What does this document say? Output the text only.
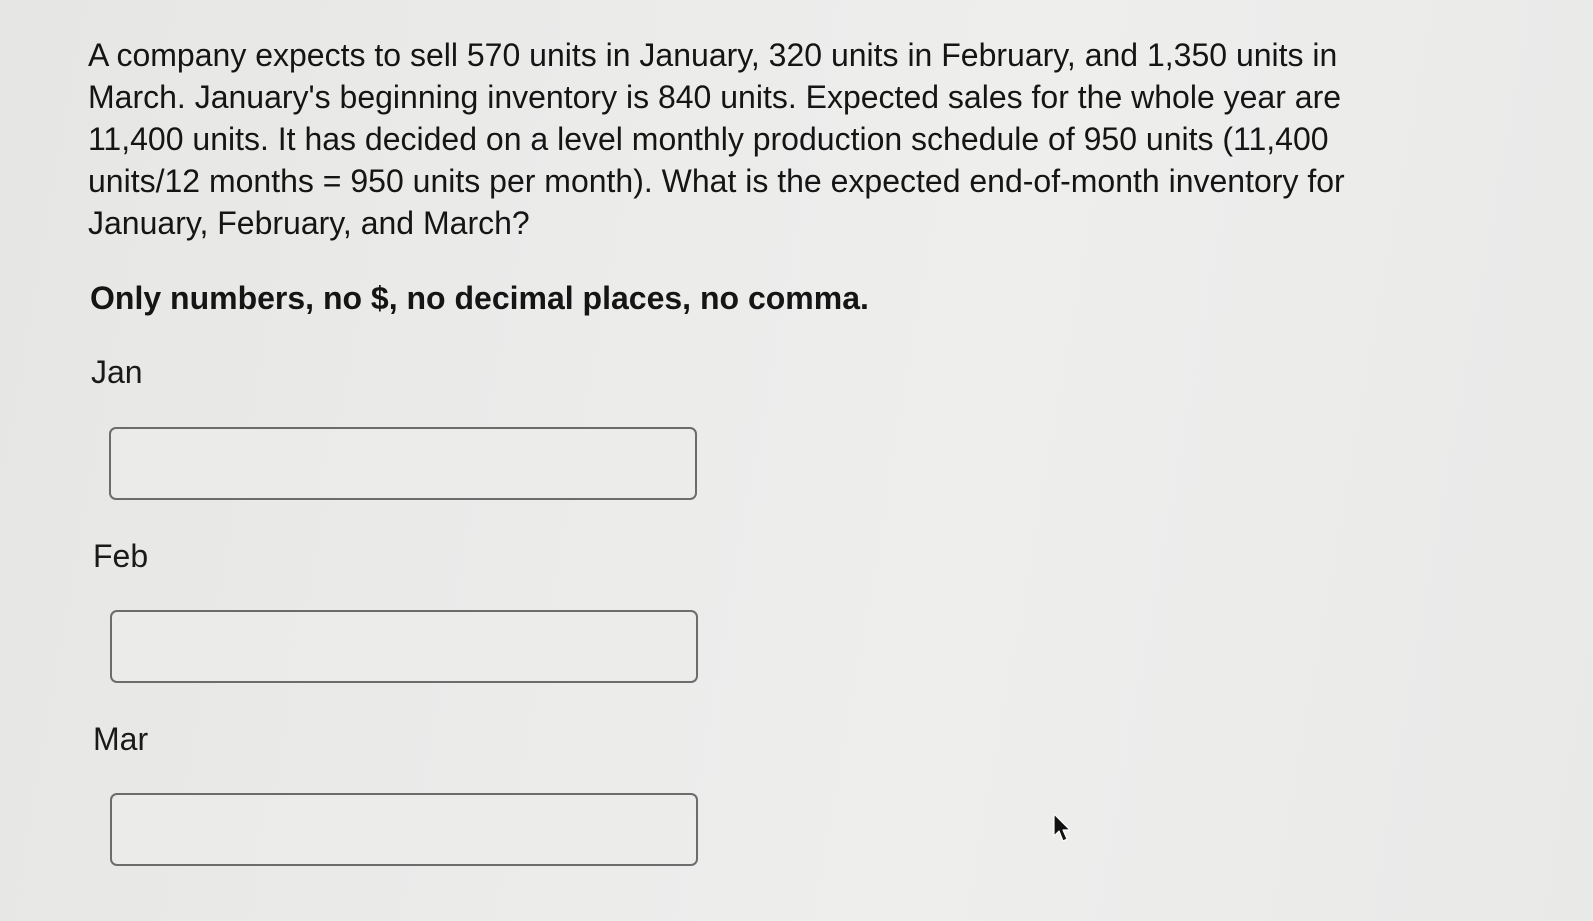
A company expects to sell 570 units in January, 320 units in February, and 1,350 units in March. January's beginning inventory is 840 units. Expected sales for the whole year are 11,400 units. It has decided on a level monthly production schedule of 950 units (11,400 units/12 months = 950 units per month). What is the expected end-of-month inventory for January, February, and March?

Only numbers, no $, no decimal places, no comma.

Jan
Feb
Mar
